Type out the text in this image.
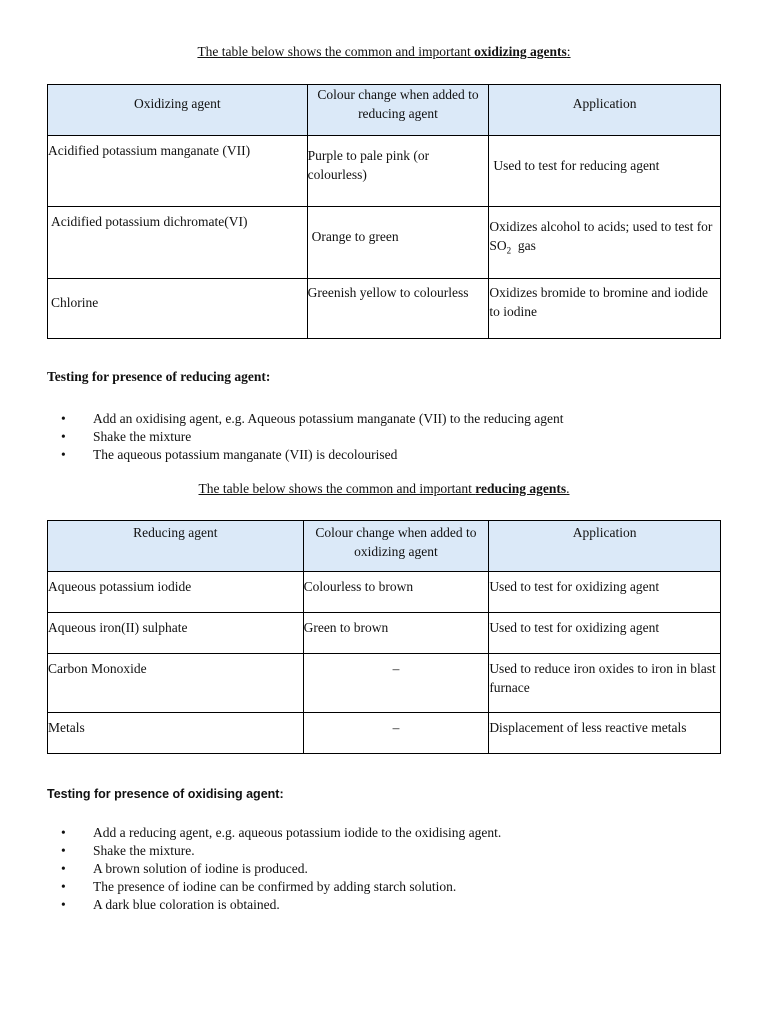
The table below shows the common and important oxidizing agents:
Oxidizing agent	Colour change when added to reducing agent	Application

Acidified potassium manganate (VII)	Purple to pale pink (or colourless)	Used to test for reducing agent

Acidified potassium dichromate(VI)	Orange to green	Oxidizes alcohol to acids; used to test for $SO_2$  gas

Chlorine	Greenish yellow to colourless	Oxidizes bromide to bromine and iodide to iodine
Testing for presence of reducing agent:
• Add an oxidising agent, e.g. Aqueous potassium manganate (VII) to the reducing agent
• Shake the mixture
• The aqueous potassium manganate (VII) is decolourised
The table below shows the common and important reducing agents.
Reducing agent	Colour change when added to oxidizing agent	Application

Aqueous potassium iodide	Colourless to brown	Used to test for oxidizing agent

Aqueous iron(II) sulphate	Green to brown	Used to test for oxidizing agent

Carbon Monoxide	–	Used to reduce iron oxides to iron in blast furnace

Metals	–	Displacement of less reactive metals
Testing for presence of oxidising agent:
• Add a reducing agent, e.g. aqueous potassium iodide to the oxidising agent.
• Shake the mixture.
• A brown solution of iodine is produced.
• The presence of iodine can be confirmed by adding starch solution.
• A dark blue coloration is obtained.
